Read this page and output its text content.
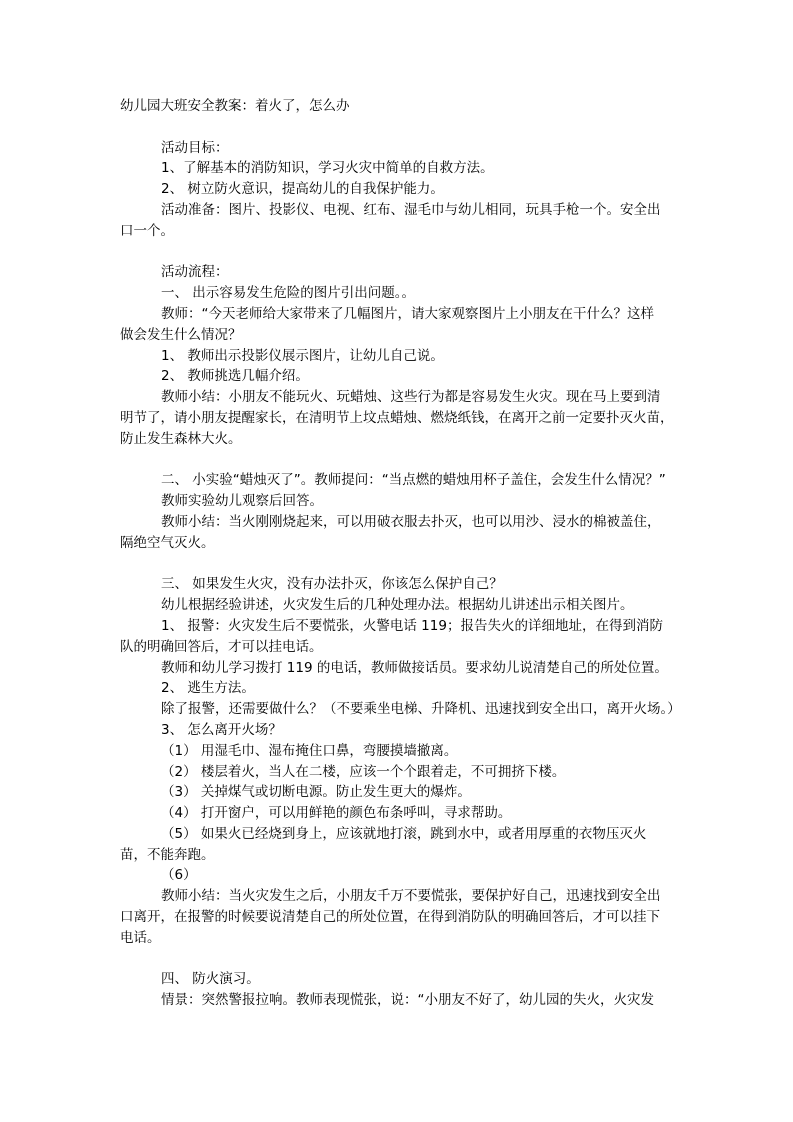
幼儿园大班安全教案：着火了，怎么办

活动目标：

1、了解基本的消防知识，学习火灾中简单的自救方法。

2、 树立防火意识，提高幼儿的自我保护能力。

活动准备：图片、投影仪、电视、红布、湿毛巾与幼儿相同，玩具手枪一个。安全出

口一个。

活动流程：

一、 出示容易发生危险的图片引出问题。。

教师：“今天老师给大家带来了几幅图片，请大家观察图片上小朋友在干什么？这样

做会发生什么情况？

1、 教师出示投影仪展示图片，让幼儿自己说。

2、 教师挑选几幅介绍。

教师小结：小朋友不能玩火、玩蜡烛、这些行为都是容易发生火灾。现在马上要到清

明节了，请小朋友提醒家长，在清明节上坟点蜡烛、燃烧纸钱，在离开之前一定要扑灭火苗，

防止发生森林大火。

二、 小实验“蜡烛灭了”。教师提问：“当点燃的蜡烛用杯子盖住，会发生什么情况？”

教师实验幼儿观察后回答。

教师小结：当火刚刚烧起来，可以用破衣服去扑灭，也可以用沙、浸水的棉被盖住，

隔绝空气灭火。

三、 如果发生火灾，没有办法扑灭，你该怎么保护自己？

幼儿根据经验讲述，火灾发生后的几种处理办法。根据幼儿讲述出示相关图片。

1、 报警：火灾发生后不要慌张，火警电话 119；报告失火的详细地址，在得到消防

队的明确回答后，才可以挂电话。

教师和幼儿学习拨打 119 的电话，教师做接话员。要求幼儿说清楚自己的所处位置。

2、 逃生方法。

除了报警，还需要做什么？（不要乘坐电梯、升降机、迅速找到安全出口，离开火场。）

3、 怎么离开火场？

（1） 用湿毛巾、湿布掩住口鼻，弯腰摸墙撤离。

（2） 楼层着火，当人在二楼，应该一个个跟着走，不可拥挤下楼。

（3） 关掉煤气或切断电源。防止发生更大的爆炸。

（4） 打开窗户，可以用鲜艳的颜色布条呼叫，寻求帮助。

（5） 如果火已经烧到身上，应该就地打滚，跳到水中，或者用厚重的衣物压灭火

苗，不能奔跑。

（6）

教师小结：当火灾发生之后，小朋友千万不要慌张，要保护好自己，迅速找到安全出

口离开，在报警的时候要说清楚自己的所处位置，在得到消防队的明确回答后，才可以挂下

电话。

四、 防火演习。

情景：突然警报拉响。教师表现慌张，说：“小朋友不好了，幼儿园的失火，火灾发
